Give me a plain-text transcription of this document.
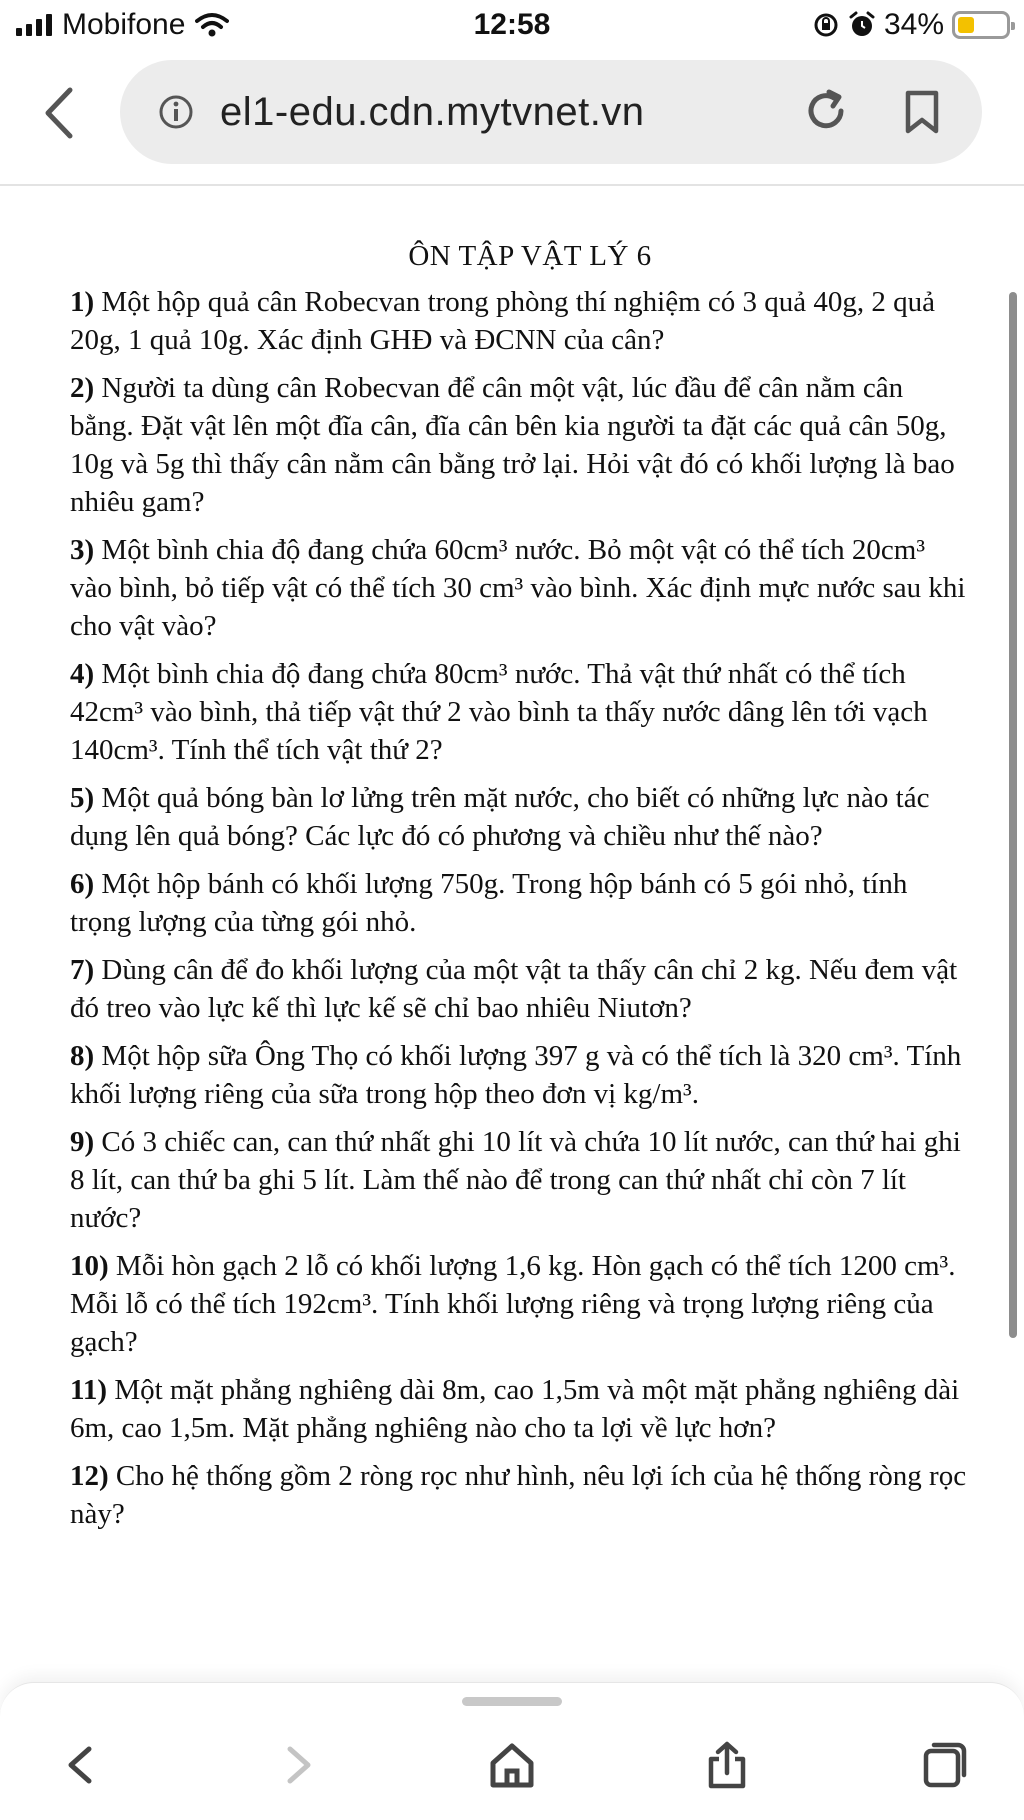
Mobifone	12:58	34%
el1-edu.cdn.mytvnet.vn
ÔN TẬP VẬT LÝ 6
1) Một hộp quả cân Robecvan trong phòng thí nghiệm có 3 quả 40g, 2 quả 20g, 1 quả 10g. Xác định GHĐ và ĐCNN của cân?
2) Người ta dùng cân Robecvan để cân một vật, lúc đầu để cân nằm cân bằng. Đặt vật lên một đĩa cân, đĩa cân bên kia người ta đặt các quả cân 50g, 10g và 5g thì thấy cân nằm cân bằng trở lại. Hỏi vật đó có khối lượng là bao nhiêu gam?
3) Một bình chia độ đang chứa 60cm³ nước. Bỏ một vật có thể tích 20cm³ vào bình, bỏ tiếp vật có thể tích 30 cm³ vào bình. Xác định mực nước sau khi cho vật vào?
4) Một bình chia độ đang chứa 80cm³ nước. Thả vật thứ nhất có thể tích 42cm³ vào bình, thả tiếp vật thứ 2 vào bình ta thấy nước dâng lên tới vạch 140cm³. Tính thể tích vật thứ 2?
5) Một quả bóng bàn lơ lửng trên mặt nước, cho biết có những lực nào tác dụng lên quả bóng? Các lực đó có phương và chiều như thế nào?
6) Một hộp bánh có khối lượng 750g. Trong hộp bánh có 5 gói nhỏ, tính trọng lượng của từng gói nhỏ.
7) Dùng cân để đo khối lượng của một vật ta thấy cân chỉ 2 kg. Nếu đem vật đó treo vào lực kế thì lực kế sẽ chỉ bao nhiêu Niutơn?
8) Một hộp sữa Ông Thọ có khối lượng 397 g và có thể tích là 320 cm³. Tính khối lượng riêng của sữa trong hộp theo đơn vị kg/m³.
9) Có 3 chiếc can, can thứ nhất ghi 10 lít và chứa 10 lít nước, can thứ hai ghi 8 lít, can thứ ba ghi 5 lít. Làm thế nào để trong can thứ nhất chỉ còn 7 lít nước?
10) Mỗi hòn gạch 2 lỗ có khối lượng 1,6 kg. Hòn gạch có thể tích 1200 cm³. Mỗi lỗ có thể tích 192cm³. Tính khối lượng riêng và trọng lượng riêng của gạch?
11) Một mặt phẳng nghiêng dài 8m, cao 1,5m và một mặt phẳng nghiêng dài 6m, cao 1,5m. Mặt phẳng nghiêng nào cho ta lợi về lực hơn?
12) Cho hệ thống gồm 2 ròng rọc như hình, nêu lợi ích của hệ thống ròng rọc này?
